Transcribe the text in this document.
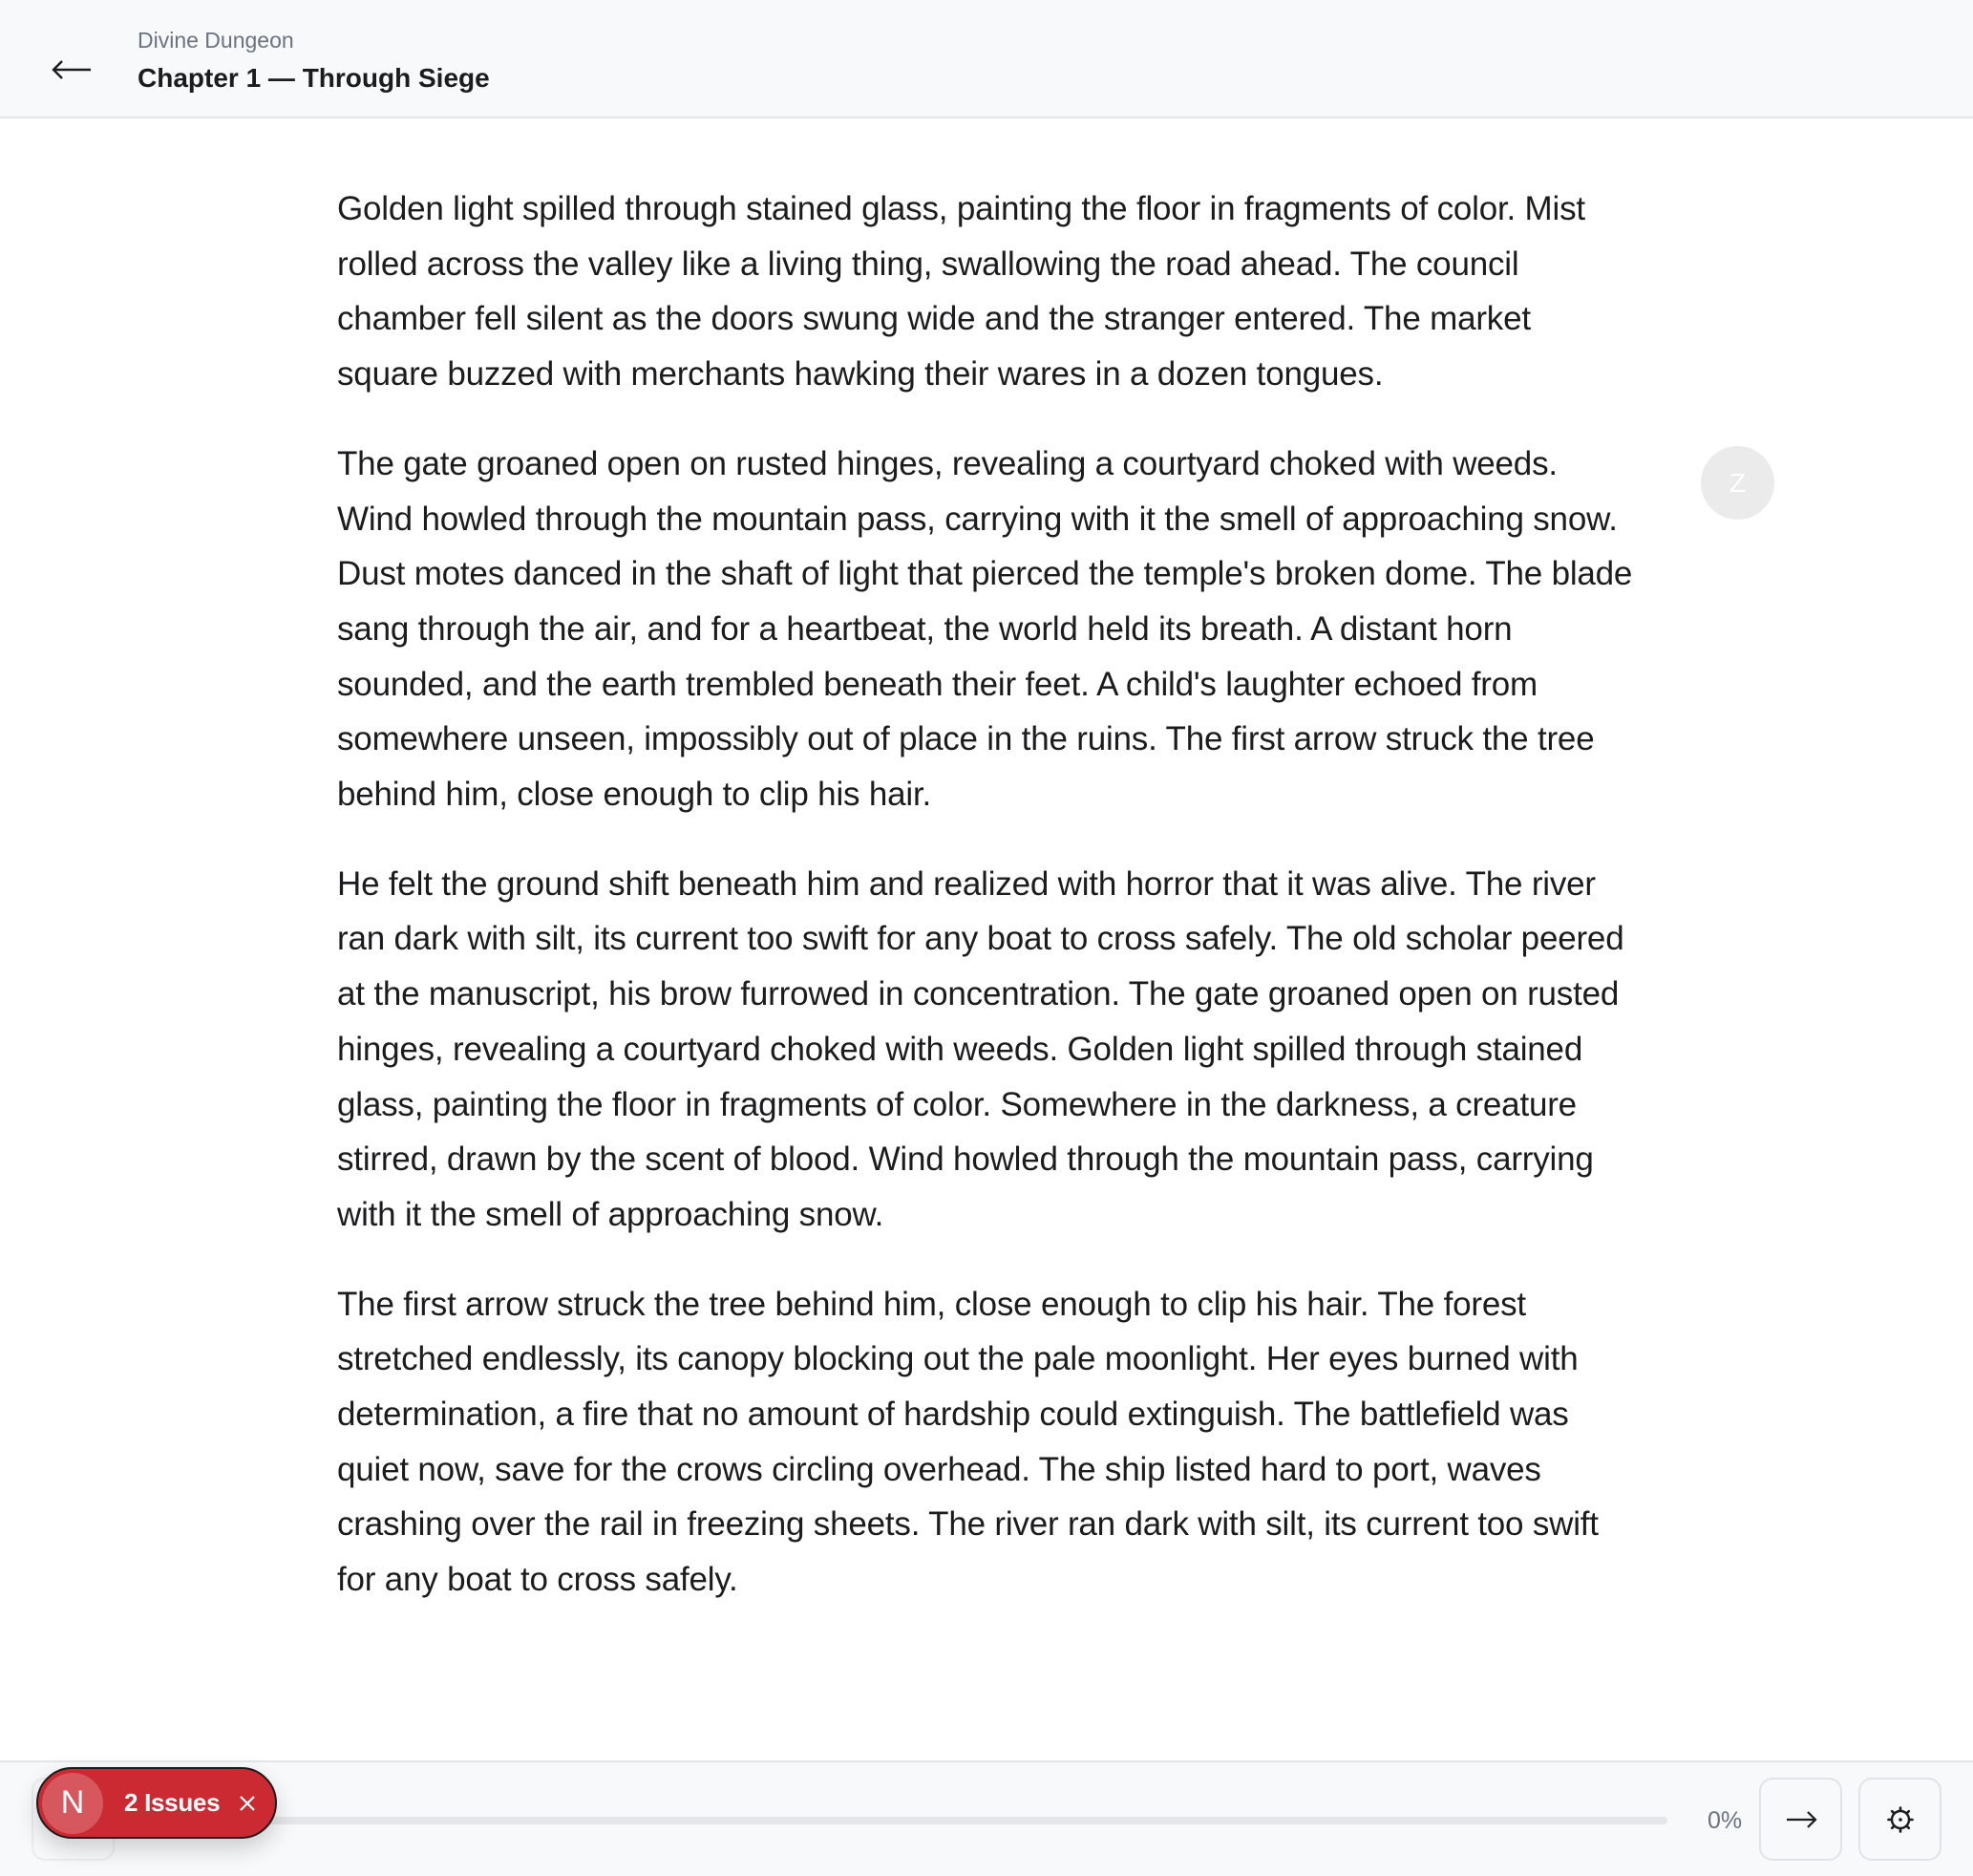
Divine Dungeon
Chapter 1 — Through Siege

Golden light spilled through stained glass, painting the floor in fragments of color. Mist rolled across the valley like a living thing, swallowing the road ahead. The council chamber fell silent as the doors swung wide and the stranger entered. The market square buzzed with merchants hawking their wares in a dozen tongues.

The gate groaned open on rusted hinges, revealing a courtyard choked with weeds. Wind howled through the mountain pass, carrying with it the smell of approaching snow. Dust motes danced in the shaft of light that pierced the temple's broken dome. The blade sang through the air, and for a heartbeat, the world held its breath. A distant horn sounded, and the earth trembled beneath their feet. A child's laughter echoed from somewhere unseen, impossibly out of place in the ruins. The first arrow struck the tree behind him, close enough to clip his hair.

He felt the ground shift beneath him and realized with horror that it was alive. The river ran dark with silt, its current too swift for any boat to cross safely. The old scholar peered at the manuscript, his brow furrowed in concentration. The gate groaned open on rusted hinges, revealing a courtyard choked with weeds. Golden light spilled through stained glass, painting the floor in fragments of color. Somewhere in the darkness, a creature stirred, drawn by the scent of blood. Wind howled through the mountain pass, carrying with it the smell of approaching snow.

The first arrow struck the tree behind him, close enough to clip his hair. The forest stretched endlessly, its canopy blocking out the pale moonlight. Her eyes burned with determination, a fire that no amount of hardship could extinguish. The battlefield was quiet now, save for the crows circling overhead. The ship listed hard to port, waves crashing over the rail in freezing sheets. The river ran dark with silt, its current too swift for any boat to cross safely.

Z
0%
N	2 Issues
